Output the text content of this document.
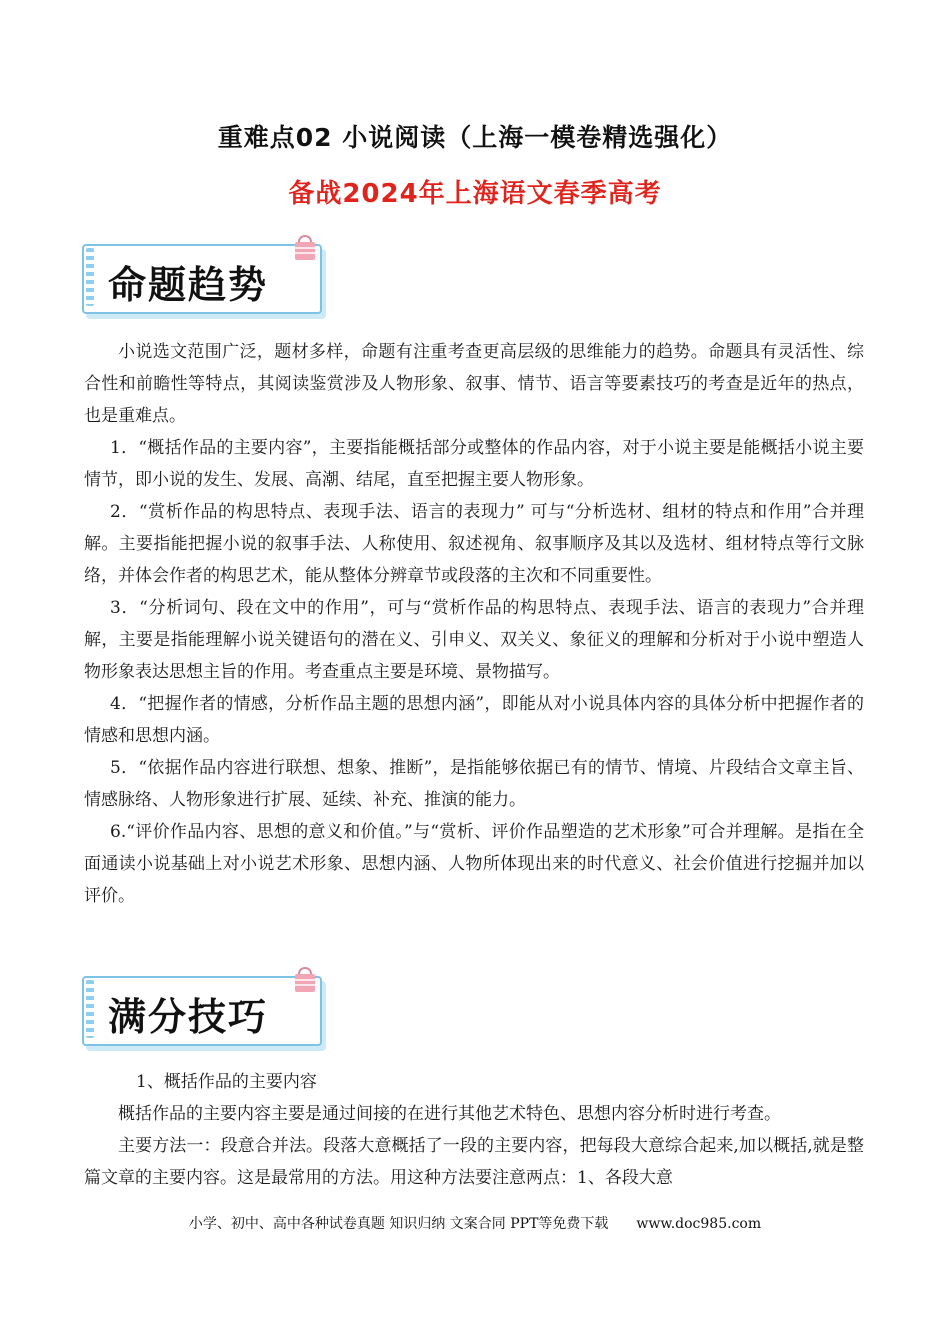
重难点02 小说阅读（上海一模卷精选强化）
备战2024年上海语文春季高考
命题趋势

小说选文范围广泛，题材多样，命题有注重考查更高层级的思维能力的趋势。命题具有灵活性、综合性和前瞻性等特点，其阅读鉴赏涉及人物形象、叙事、情节、语言等要素技巧的考查是近年的热点，也是重难点。

1．“概括作品的主要内容”，主要指能概括部分或整体的作品内容，对于小说主要是能概括小说主要情节，即小说的发生、发展、高潮、结尾，直至把握主要人物形象。

2．“赏析作品的构思特点、表现手法、语言的表现力” 可与“分析选材、组材的特点和作用”合并理解。主要指能把握小说的叙事手法、人称使用、叙述视角、叙事顺序及其以及选材、组材特点等行文脉络，并体会作者的构思艺术，能从整体分辨章节或段落的主次和不同重要性。

3．“分析词句、段在文中的作用”，可与“赏析作品的构思特点、表现手法、语言的表现力”合并理解，主要是指能理解小说关键语句的潜在义、引申义、双关义、象征义的理解和分析对于小说中塑造人物形象表达思想主旨的作用。考查重点主要是环境、景物描写。

4．“把握作者的情感，分析作品主题的思想内涵”，即能从对小说具体内容的具体分析中把握作者的情感和思想内涵。

5．“依据作品内容进行联想、想象、推断”，是指能够依据已有的情节、情境、片段结合文章主旨、情感脉络、人物形象进行扩展、延续、补充、推演的能力。

6.“评价作品内容、思想的意义和价值。”与“赏析、评价作品塑造的艺术形象”可合并理解。是指在全面通读小说基础上对小说艺术形象、思想内涵、人物所体现出来的时代意义、社会价值进行挖掘并加以评价。

满分技巧

1、概括作品的主要内容

概括作品的主要内容主要是通过间接的在进行其他艺术特色、思想内容分析时进行考查。

主要方法一：段意合并法。段落大意概括了一段的主要内容，把每段大意综合起来,加以概括,就是整篇文章的主要内容。这是最常用的方法。用这种方法要注意两点：1、各段大意

小学、初中、高中各种试卷真题 知识归纳 文案合同 PPT等免费下载 www.doc985.com
